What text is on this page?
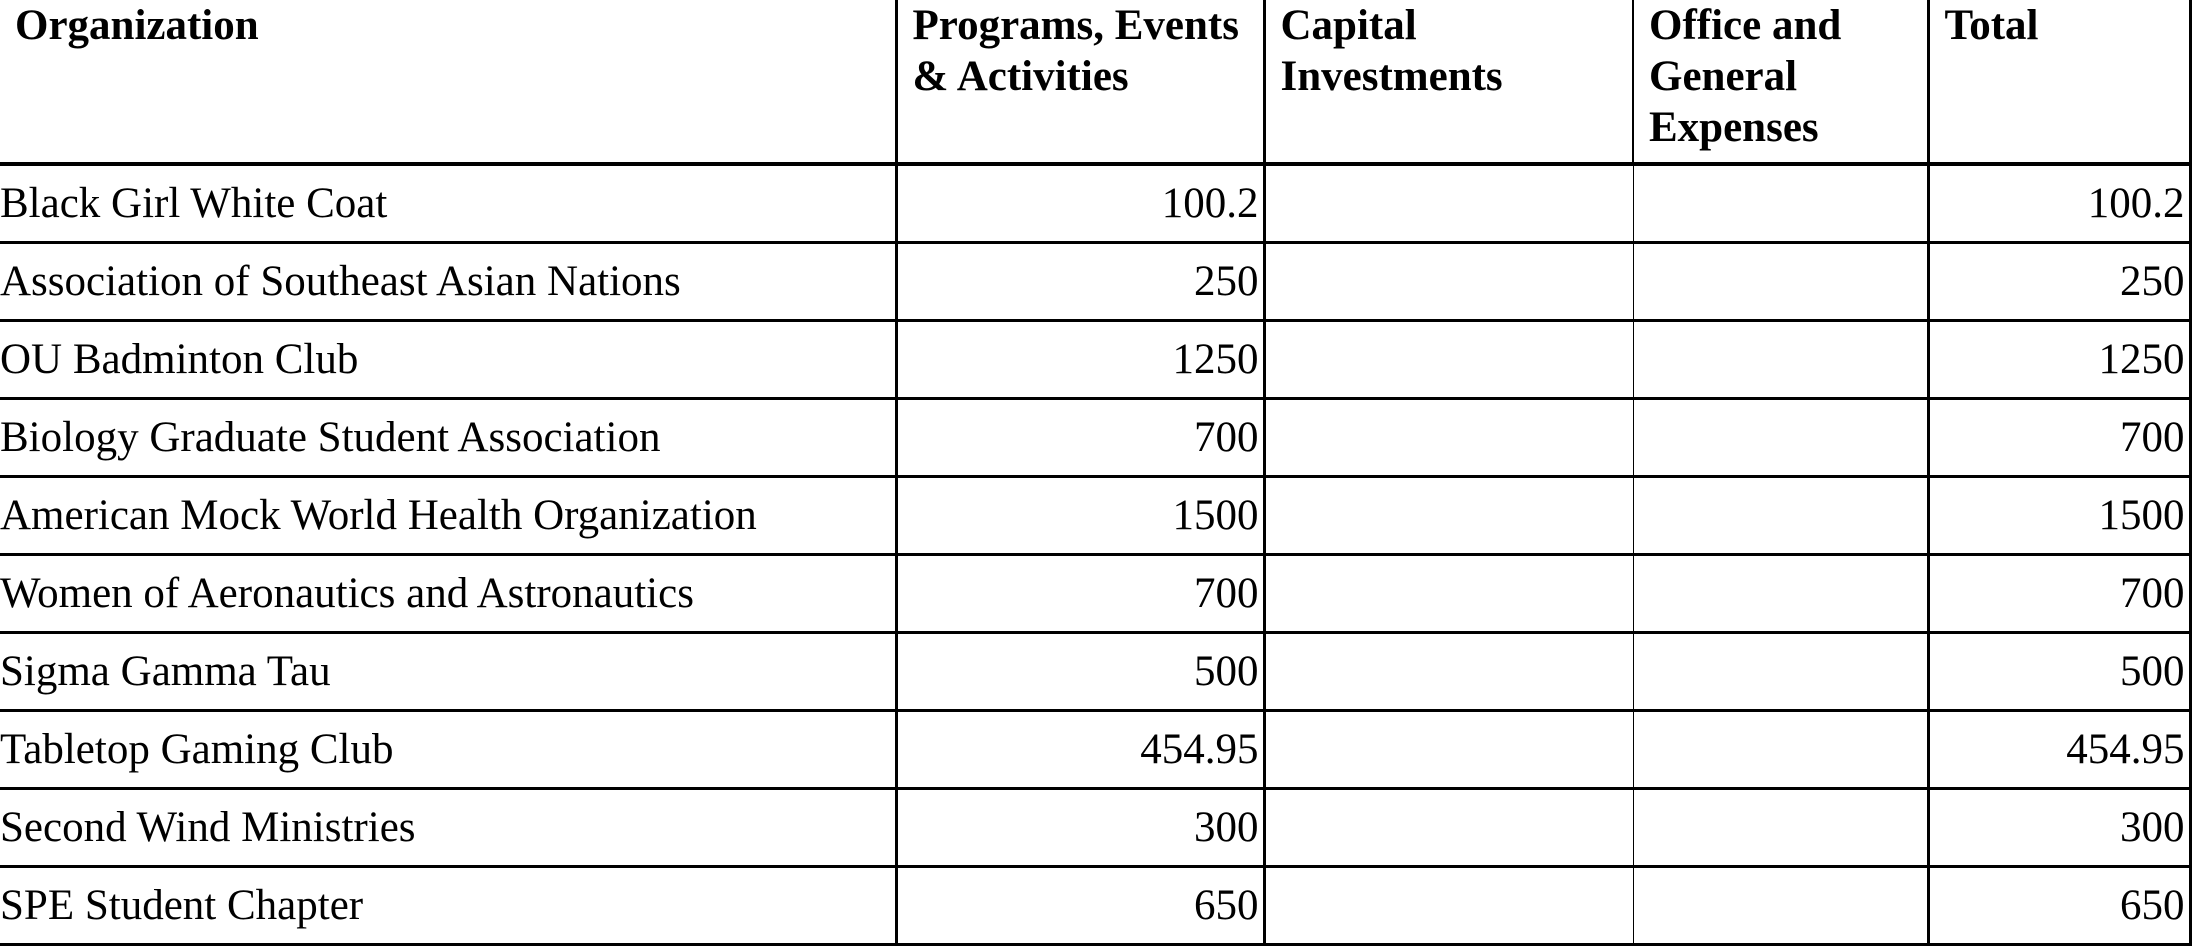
Organization	Programs, Events & Activities	Capital Investments	Office and General Expenses	Total
Black Girl White Coat	100.2			100.2
Association of Southeast Asian Nations	250			250
OU Badminton Club	1250			1250
Biology Graduate Student Association	700			700
American Mock World Health Organization	1500			1500
Women of Aeronautics and Astronautics	700			700
Sigma Gamma Tau	500			500
Tabletop Gaming Club	454.95			454.95
Second Wind Ministries	300			300
SPE Student Chapter	650			650
